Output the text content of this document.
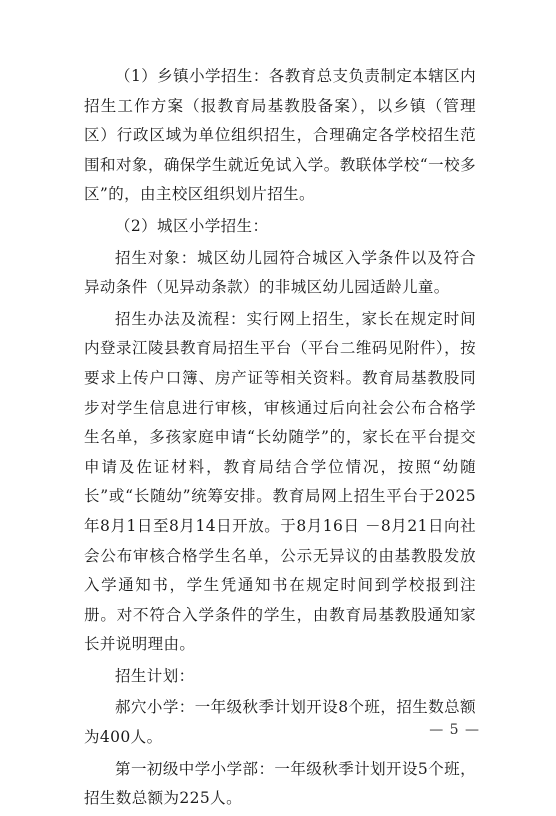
（1）乡镇小学招生：各教育总支负责制定本辖区内招生工作方案（报教育局基教股备案），以乡镇（管理区）行政区域为单位组织招生，合理确定各学校招生范围和对象，确保学生就近免试入学。教联体学校“一校多区”的，由主校区组织划片招生。

（2）城区小学招生：

招生对象：城区幼儿园符合城区入学条件以及符合异动条件（见异动条款）的非城区幼儿园适龄儿童。

招生办法及流程：实行网上招生，家长在规定时间内登录江陵县教育局招生平台（平台二维码见附件），按要求上传户口簿、房产证等相关资料。教育局基教股同步对学生信息进行审核，审核通过后向社会公布合格学生名单，多孩家庭申请“长幼随学”的，家长在平台提交申请及佐证材料，教育局结合学位情况，按照“幼随长”或“长随幼”统筹安排。教育局网上招生平台于2025年8月1日至8月14日开放。于8月16日 －8月21日向社会公布审核合格学生名单，公示无异议的由基教股发放入学通知书，学生凭通知书在规定时间到学校报到注册。对不符合入学条件的学生，由教育局基教股通知家长并说明理由。

招生计划：

郝穴小学：一年级秋季计划开设8个班，招生数总额为400人。

第一初级中学小学部：一年级秋季计划开设5个班，招生数总额为225人。

— 5 —
